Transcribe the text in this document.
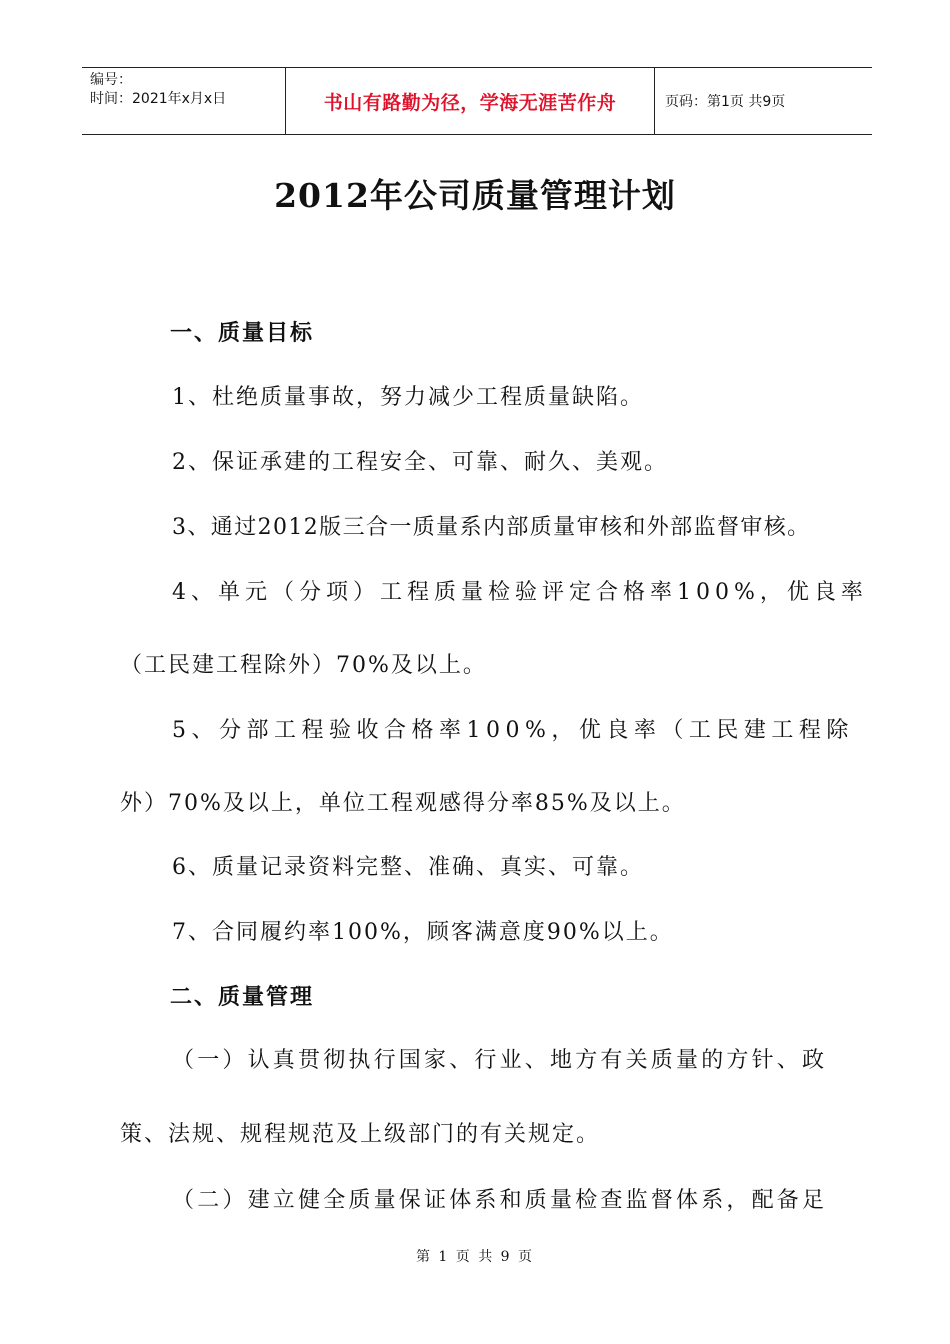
编号：
时间：2021年x月x日	书山有路勤为径，学海无涯苦作舟	页码：第1页 共9页
2012年公司质量管理计划
一、质量目标
1、杜绝质量事故，努力减少工程质量缺陷。
2、保证承建的工程安全、可靠、耐久、美观。
3、通过2012版三合一质量系内部质量审核和外部监督审核。
4、单元（分项）工程质量检验评定合格率100%，优良率
（工民建工程除外）70%及以上。
5、分部工程验收合格率100%，优良率（工民建工程除
外）70%及以上，单位工程观感得分率85%及以上。
6、质量记录资料完整、准确、真实、可靠。
7、合同履约率100%，顾客满意度90%以上。
二、质量管理
（一）认真贯彻执行国家、行业、地方有关质量的方针、政
策、法规、规程规范及上级部门的有关规定。
（二）建立健全质量保证体系和质量检查监督体系，配备足
第 1 页 共 9 页
